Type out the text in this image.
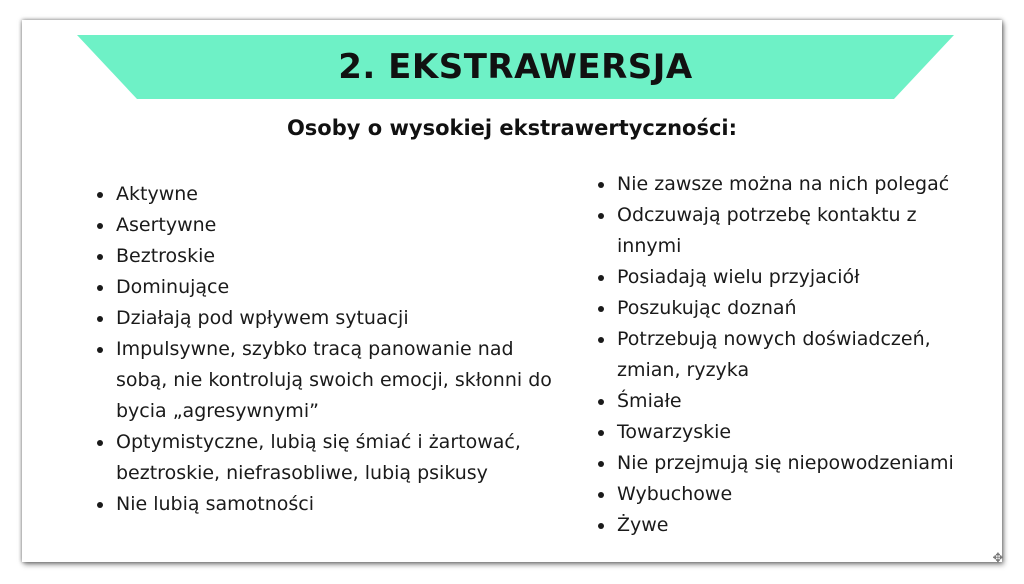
2. EKSTRAWERSJA
Osoby o wysokiej ekstrawertyczności:
Aktywne
Asertywne
Beztroskie
Dominujące
Działają pod wpływem sytuacji
Impulsywne, szybko tracą panowanie nad sobą, nie kontrolują swoich emocji, skłonni do bycia „agresywnymi”
Optymistyczne, lubią się śmiać i żartować, beztroskie, niefrasobliwe, lubią psikusy
Nie lubią samotności
Nie zawsze można na nich polegać
Odczuwają potrzebę kontaktu z innymi
Posiadają wielu przyjaciół
Poszukując doznań
Potrzebują nowych doświadczeń, zmian, ryzyka
Śmiałe
Towarzyskie
Nie przejmują się niepowodzeniami
Wybuchowe
Żywe
✥
